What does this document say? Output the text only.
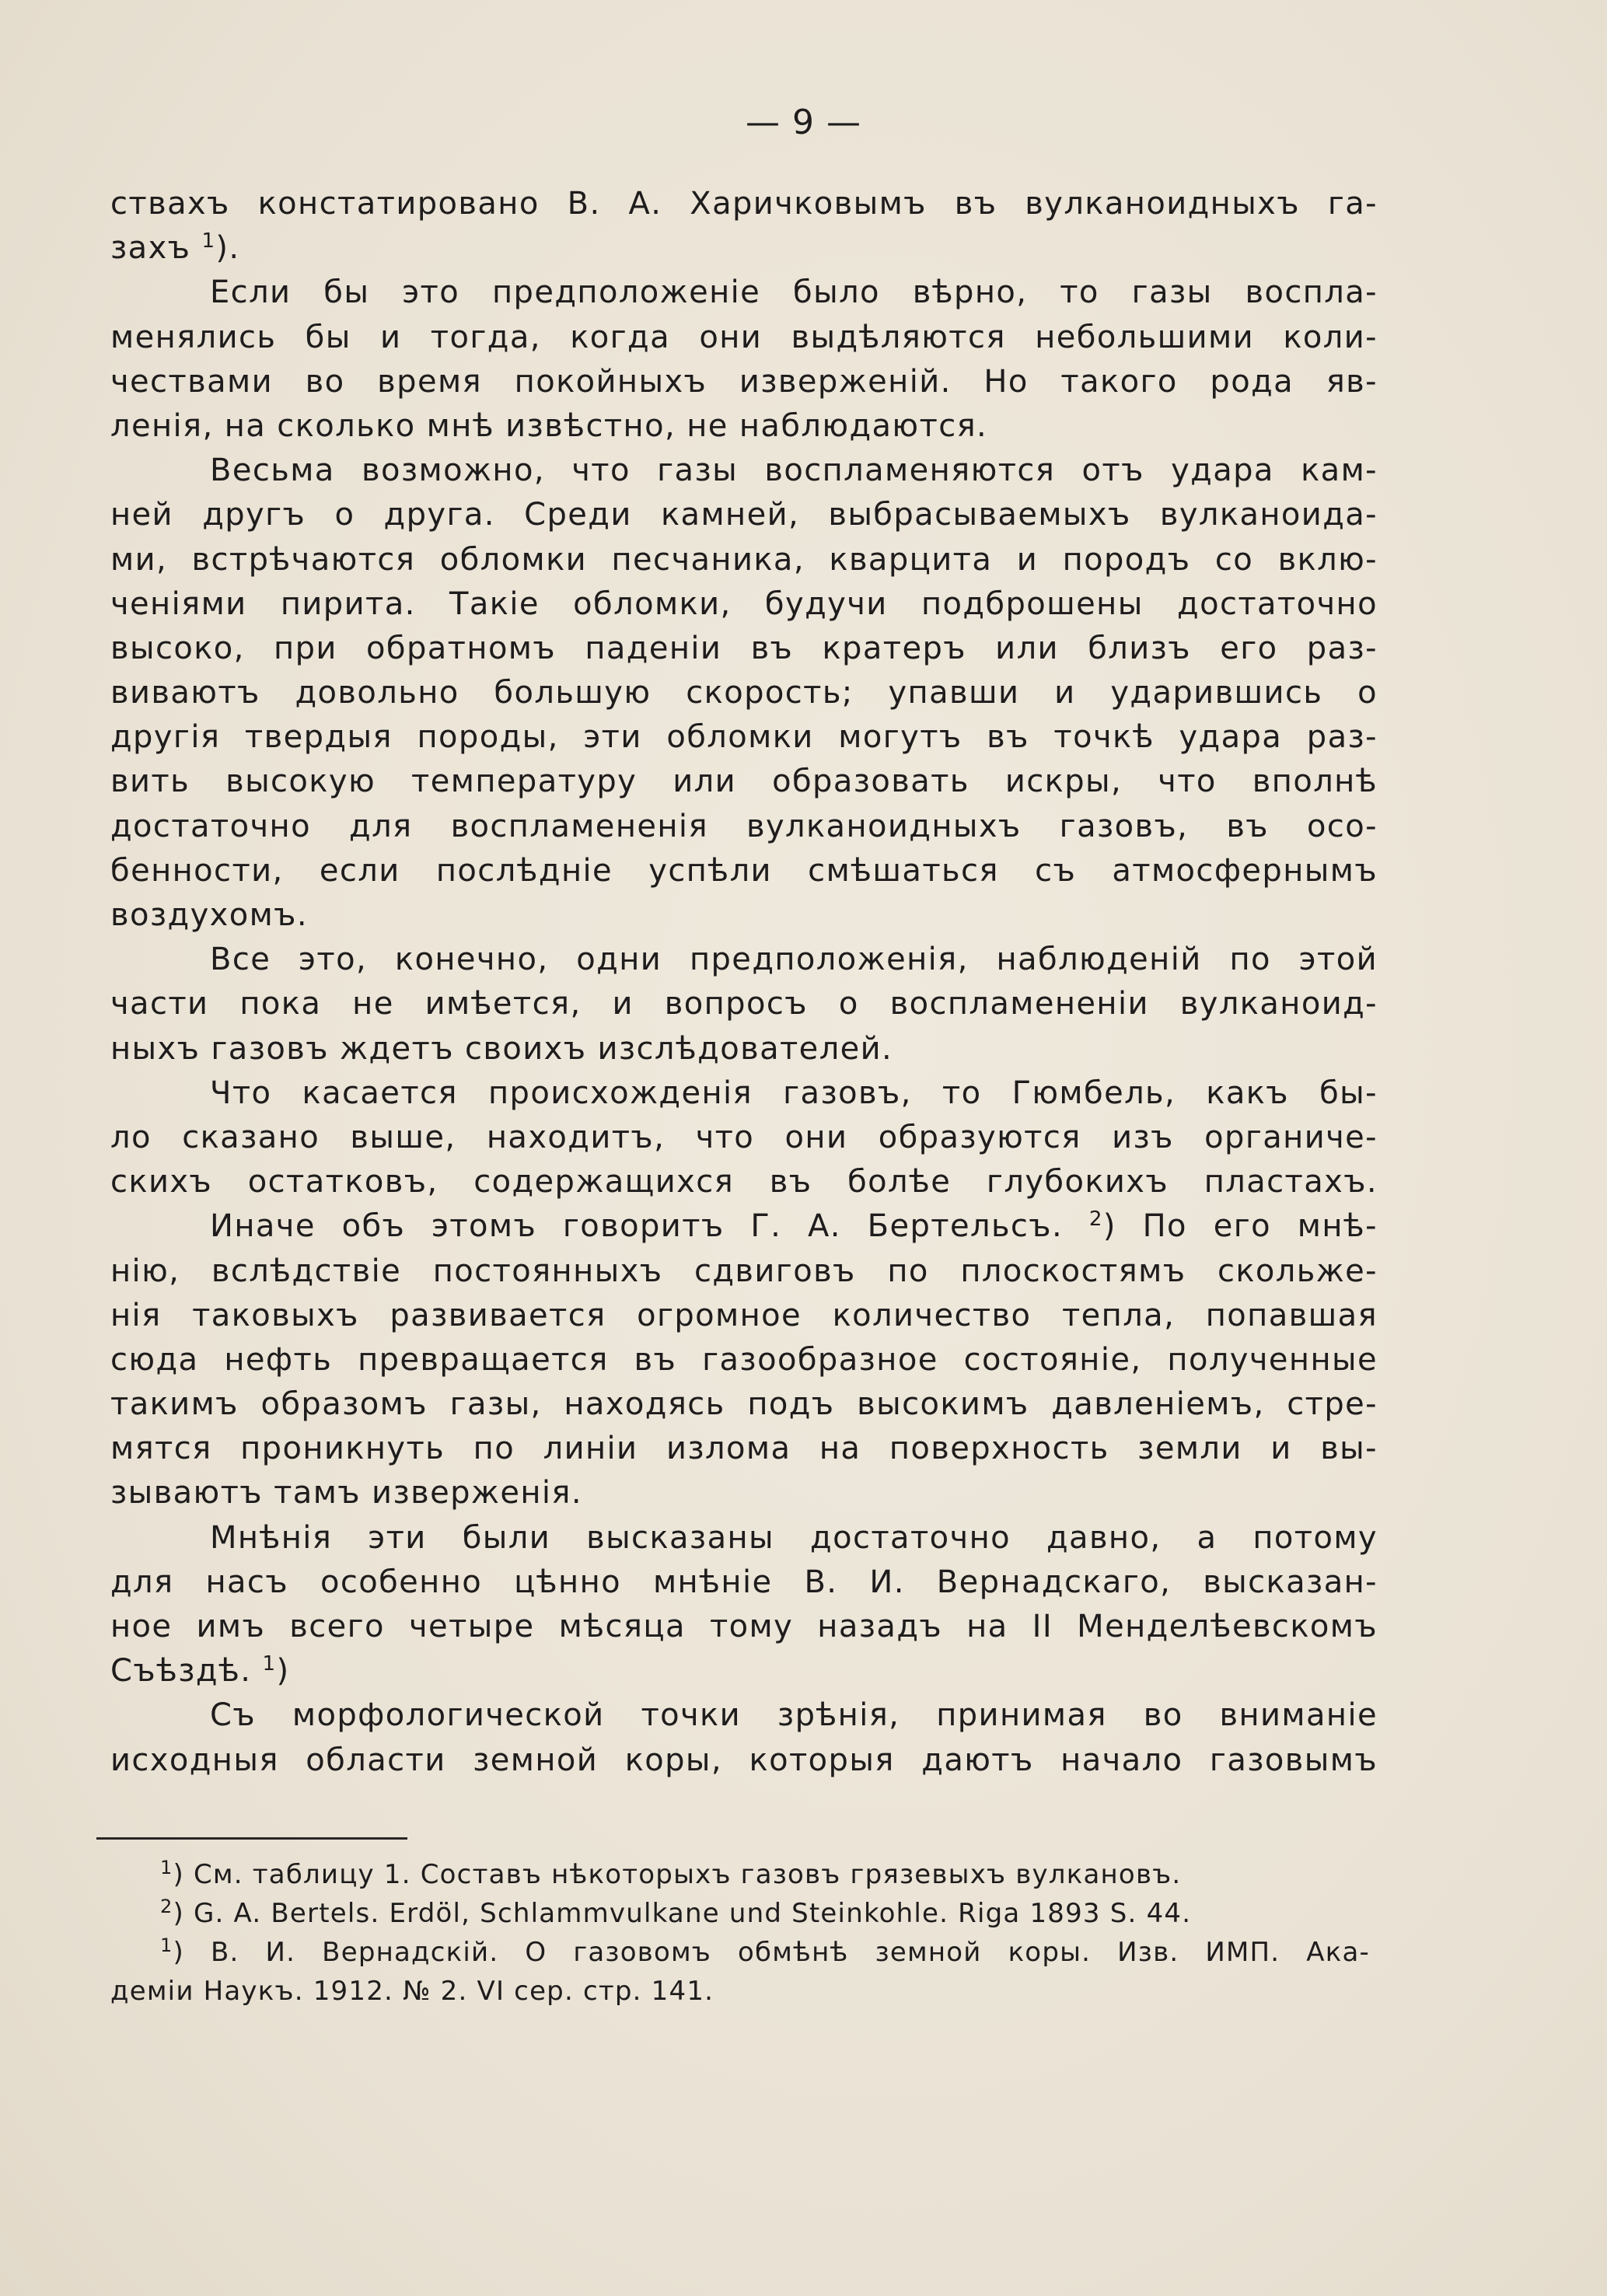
— 9 —
ствахъ констатировано В. А. Харичковымъ въ вулканоидныхъ га-
захъ $^1$).
Если бы это предположеніе было вѣрно, то газы воспла-
менялись бы и тогда, когда они выдѣляются небольшими коли-
чествами во время покойныхъ изверженій. Но такого рода яв-
ленія, на сколько мнѣ извѣстно, не наблюдаются.
Весьма возможно, что газы воспламеняются отъ удара кам-
ней другъ о друга. Среди камней, выбрасываемыхъ вулканоида-
ми, встрѣчаются обломки песчаника, кварцита и породъ со вклю-
ченіями пирита. Такіе обломки, будучи подброшены достаточно
высоко, при обратномъ паденіи въ кратеръ или близъ его раз-
виваютъ довольно большую скорость; упавши и ударившись о
другія твердыя породы, эти обломки могутъ въ точкѣ удара раз-
вить высокую температуру или образовать искры, что вполнѣ
достаточно для воспламененія вулканоидныхъ газовъ, въ осо-
бенности, если послѣдніе успѣли смѣшаться съ атмосфернымъ
воздухомъ.
Все это, конечно, одни предположенія, наблюденій по этой
части пока не имѣется, и вопросъ о воспламененіи вулканоид-
ныхъ газовъ ждетъ своихъ изслѣдователей.
Что касается происхожденія газовъ, то Гюмбель, какъ бы-
ло сказано выше, находитъ, что они образуются изъ органиче-
скихъ остатковъ, содержащихся въ болѣе глубокихъ пластахъ.
Иначе объ этомъ говоритъ Г. А. Бертельсъ. $^2$) По его мнѣ-
нію, вслѣдствіе постоянныхъ сдвиговъ по плоскостямъ скольже-
нія таковыхъ развивается огромное количество тепла, попавшая
сюда нефть превращается въ газообразное состояніе, полученные
такимъ образомъ газы, находясь подъ высокимъ давленіемъ, стре-
мятся проникнуть по линіи излома на поверхность земли и вы-
зываютъ тамъ изверженія.
Мнѣнія эти были высказаны достаточно давно, а потому
для насъ особенно цѣнно мнѣніе В. И. Вернадскаго, высказан-
ное имъ всего четыре мѣсяца тому назадъ на II Менделѣевскомъ
Съѣздѣ. $^1$)
Съ морфологической точки зрѣнія, принимая во вниманіе
исходныя области земной коры, которыя даютъ начало газовымъ
$^1$) См. таблицу 1. Составъ нѣкоторыхъ газовъ грязевыхъ вулкановъ.
$^2$) G. A. Bertels. Erdöl, Schlammvulkane und Steinkohle. Riga 1893 S. 44.
$^1$) В. И. Вернадскій. О газовомъ обмѣнѣ земной коры. Изв. ИМП. Ака-
деміи Наукъ. 1912. № 2. VI сер. стр. 141.
